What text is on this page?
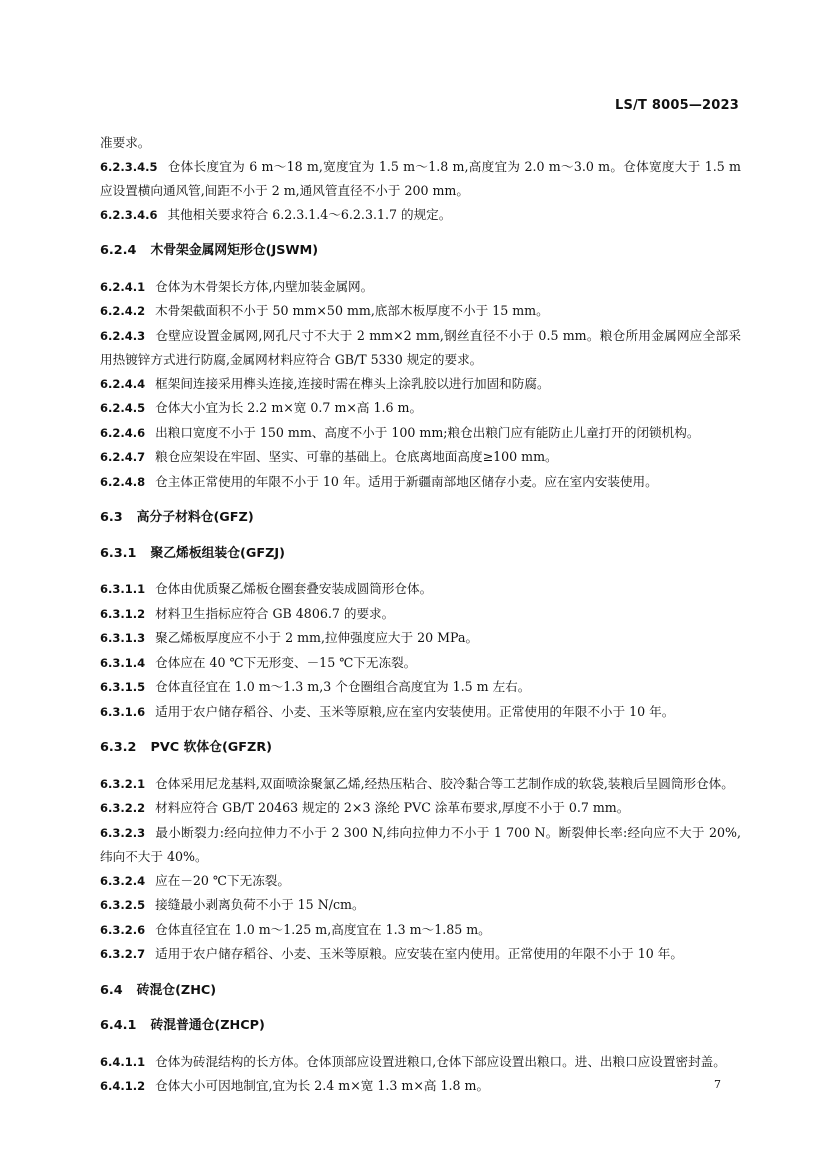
LS/T 8005—2023
准要求。
6.2.3.4.5 仓体长度宜为 6 m～18 m,宽度宜为 1.5 m～1.8 m,高度宜为 2.0 m～3.0 m。仓体宽度大于 1.5 m 应设置横向通风管,间距不小于 2 m,通风管直径不小于 200 mm。
6.2.3.4.6 其他相关要求符合 6.2.3.1.4～6.2.3.1.7 的规定。
6.2.4 木骨架金属网矩形仓(JSWM)
6.2.4.1 仓体为木骨架长方体,内壁加装金属网。
6.2.4.2 木骨架截面积不小于 50 mm×50 mm,底部木板厚度不小于 15 mm。
6.2.4.3 仓壁应设置金属网,网孔尺寸不大于 2 mm×2 mm,钢丝直径不小于 0.5 mm。粮仓所用金属网应全部采用热镀锌方式进行防腐,金属网材料应符合 GB/T 5330 规定的要求。
6.2.4.4 框架间连接采用榫头连接,连接时需在榫头上涂乳胶以进行加固和防腐。
6.2.4.5 仓体大小宜为长 2.2 m×宽 0.7 m×高 1.6 m。
6.2.4.6 出粮口宽度不小于 150 mm、高度不小于 100 mm;粮仓出粮门应有能防止儿童打开的闭锁机构。
6.2.4.7 粮仓应架设在牢固、坚实、可靠的基础上。仓底离地面高度≥100 mm。
6.2.4.8 仓主体正常使用的年限不小于 10 年。适用于新疆南部地区储存小麦。应在室内安装使用。
6.3 高分子材料仓(GFZ)
6.3.1 聚乙烯板组装仓(GFZJ)
6.3.1.1 仓体由优质聚乙烯板仓圈套叠安装成圆筒形仓体。
6.3.1.2 材料卫生指标应符合 GB 4806.7 的要求。
6.3.1.3 聚乙烯板厚度应不小于 2 mm,拉伸强度应大于 20 MPa。
6.3.1.4 仓体应在 40 ℃下无形变、－15 ℃下无冻裂。
6.3.1.5 仓体直径宜在 1.0 m～1.3 m,3 个仓圈组合高度宜为 1.5 m 左右。
6.3.1.6 适用于农户储存稻谷、小麦、玉米等原粮,应在室内安装使用。正常使用的年限不小于 10 年。
6.3.2 PVC 软体仓(GFZR)
6.3.2.1 仓体采用尼龙基料,双面喷涂聚氯乙烯,经热压粘合、胶冷黏合等工艺制作成的软袋,装粮后呈圆筒形仓体。
6.3.2.2 材料应符合 GB/T 20463 规定的 2×3 涤纶 PVC 涂革布要求,厚度不小于 0.7 mm。
6.3.2.3 最小断裂力:经向拉伸力不小于 2 300 N,纬向拉伸力不小于 1 700 N。断裂伸长率:经向应不大于 20%,纬向不大于 40%。
6.3.2.4 应在－20 ℃下无冻裂。
6.3.2.5 接缝最小剥离负荷不小于 15 N/cm。
6.3.2.6 仓体直径宜在 1.0 m～1.25 m,高度宜在 1.3 m～1.85 m。
6.3.2.7 适用于农户储存稻谷、小麦、玉米等原粮。应安装在室内使用。正常使用的年限不小于 10 年。
6.4 砖混仓(ZHC)
6.4.1 砖混普通仓(ZHCP)
6.4.1.1 仓体为砖混结构的长方体。仓体顶部应设置进粮口,仓体下部应设置出粮口。进、出粮口应设置密封盖。
6.4.1.2 仓体大小可因地制宜,宜为长 2.4 m×宽 1.3 m×高 1.8 m。	7
